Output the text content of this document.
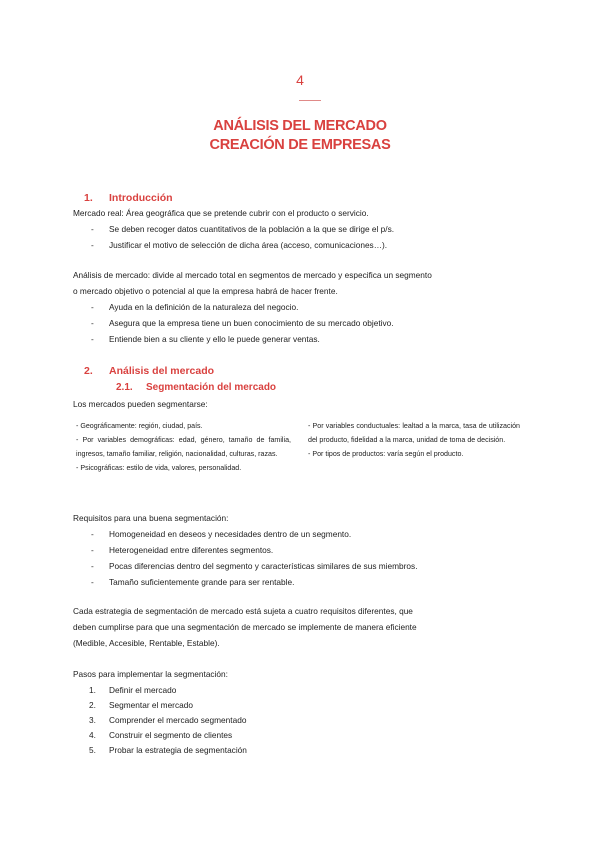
4
ANÁLISIS DEL MERCADO
CREACIÓN DE EMPRESAS
1. Introducción
Mercado real: Área geográfica que se pretende cubrir con el producto o servicio.
- Se deben recoger datos cuantitativos de la población a la que se dirige el p/s.
- Justificar el motivo de selección de dicha área (acceso, comunicaciones…).
Análisis de mercado: divide al mercado total en segmentos de mercado y especifica un segmento
o mercado objetivo o potencial al que la empresa habrá de hacer frente.
- Ayuda en la definición de la naturaleza del negocio.
- Asegura que la empresa tiene un buen conocimiento de su mercado objetivo.
- Entiende bien a su cliente y ello le puede generar ventas.
2. Análisis del mercado
2.1. Segmentación del mercado
Los mercados pueden segmentarse:
- Geográficamente: región, ciudad, país.
- Por variables demográficas: edad, género, tamaño de familia, ingresos, tamaño familiar, religión, nacionalidad, culturas, razas.
- Psicográficas: estilo de vida, valores, personalidad.
- Por variables conductuales: lealtad a la marca, tasa de utilización del producto, fidelidad a la marca, unidad de toma de decisión.
- Por tipos de productos: varía según el producto.
Requisitos para una buena segmentación:
- Homogeneidad en deseos y necesidades dentro de un segmento.
- Heterogeneidad entre diferentes segmentos.
- Pocas diferencias dentro del segmento y características similares de sus miembros.
- Tamaño suficientemente grande para ser rentable.
Cada estrategia de segmentación de mercado está sujeta a cuatro requisitos diferentes, que
deben cumplirse para que una segmentación de mercado se implemente de manera eficiente
(Medible, Accesible, Rentable, Estable).
Pasos para implementar la segmentación:
1. Definir el mercado
2. Segmentar el mercado
3. Comprender el mercado segmentado
4. Construir el segmento de clientes
5. Probar la estrategia de segmentación
